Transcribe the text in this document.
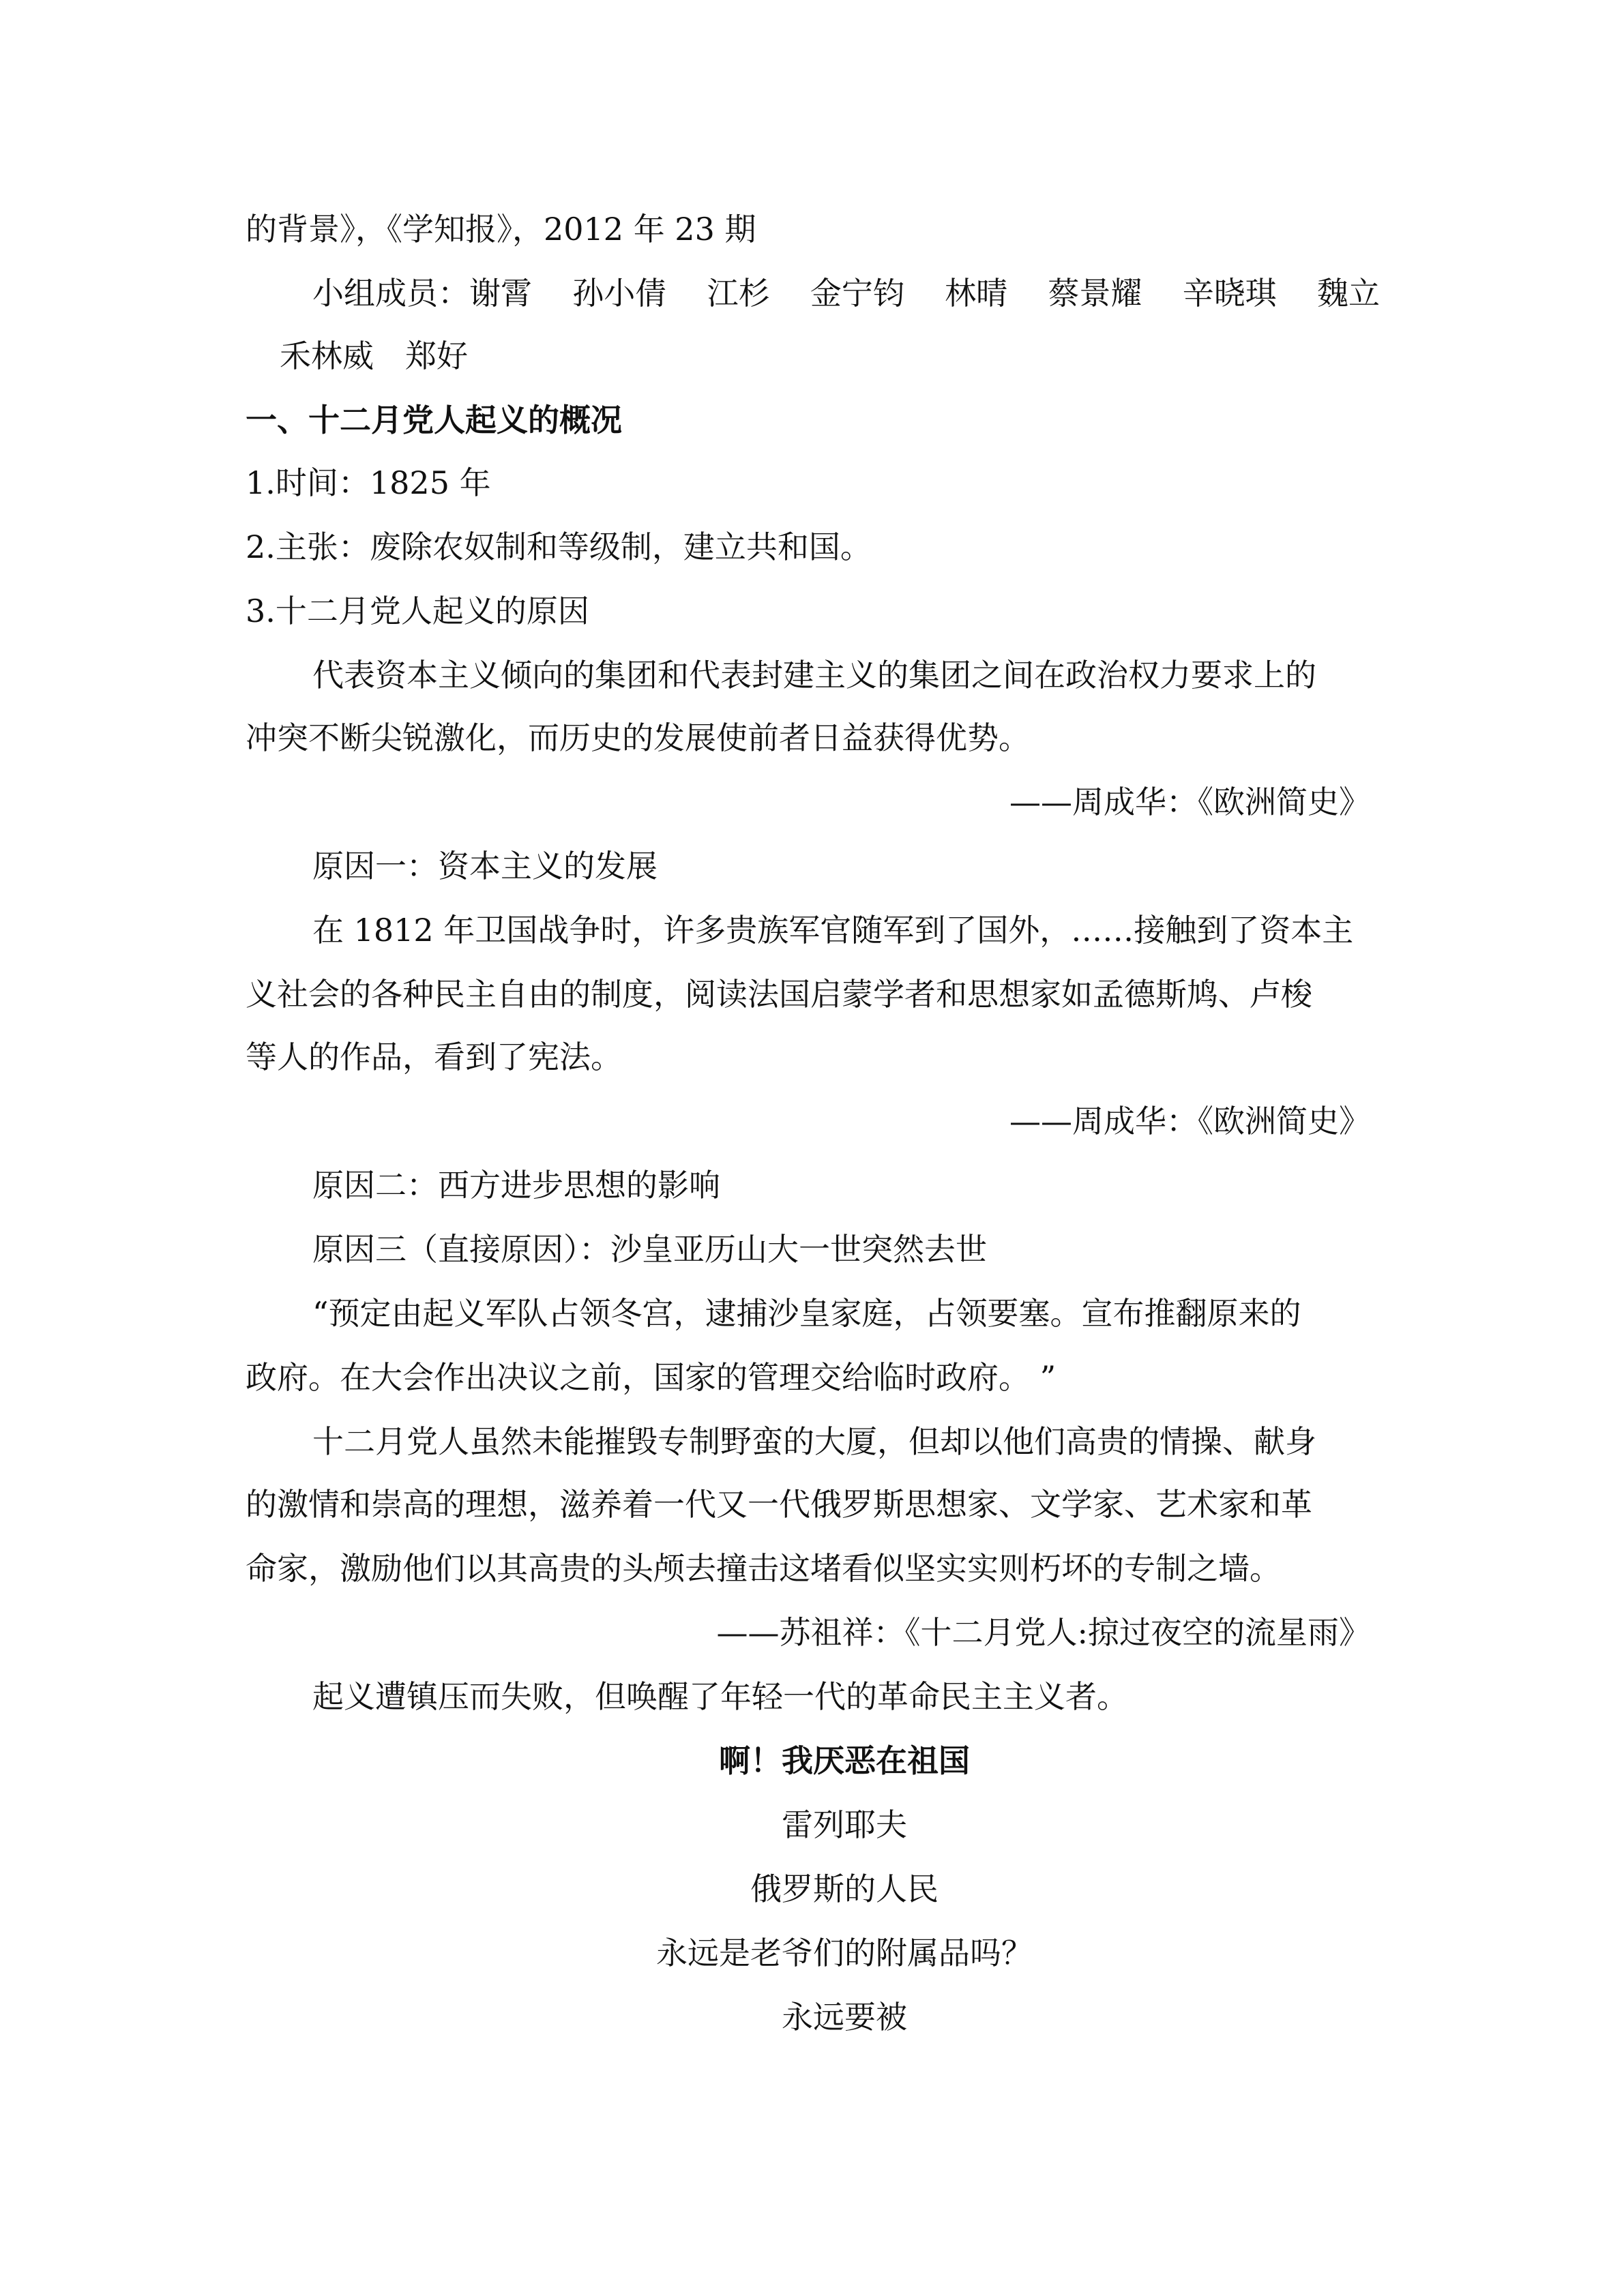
的背景》，《学知报》，2012 年 23 期

小组成员：谢霄 孙小倩 江杉 金宁钧 林晴 蔡景耀 辛晓琪 魏立
禾林威 郑好

一、十二月党人起义的概况

1.时间：1825 年

2.主张：废除农奴制和等级制，建立共和国。

3.十二月党人起义的原因

代表资本主义倾向的集团和代表封建主义的集团之间在政治权力要求上的

冲突不断尖锐激化，而历史的发展使前者日益获得优势。

——周成华：《欧洲简史》

原因一：资本主义的发展

在 1812 年卫国战争时，许多贵族军官随军到了国外，……接触到了资本主

义社会的各种民主自由的制度，阅读法国启蒙学者和思想家如孟德斯鸠、卢梭

等人的作品，看到了宪法。

——周成华：《欧洲简史》

原因二：西方进步思想的影响

原因三（直接原因）：沙皇亚历山大一世突然去世

“预定由起义军队占领冬宫，逮捕沙皇家庭，占领要塞。宣布推翻原来的

政府。在大会作出决议之前，国家的管理交给临时政府。 ”

十二月党人虽然未能摧毁专制野蛮的大厦，但却以他们高贵的情操、献身

的激情和崇高的理想，滋养着一代又一代俄罗斯思想家、文学家、艺术家和革

命家，激励他们以其高贵的头颅去撞击这堵看似坚实实则朽坏的专制之墙。

——苏祖祥：《十二月党人:掠过夜空的流星雨》

起义遭镇压而失败，但唤醒了年轻一代的革命民主主义者。

啊！我厌恶在祖国

雷列耶夫

俄罗斯的人民

永远是老爷们的附属品吗？

永远要被
